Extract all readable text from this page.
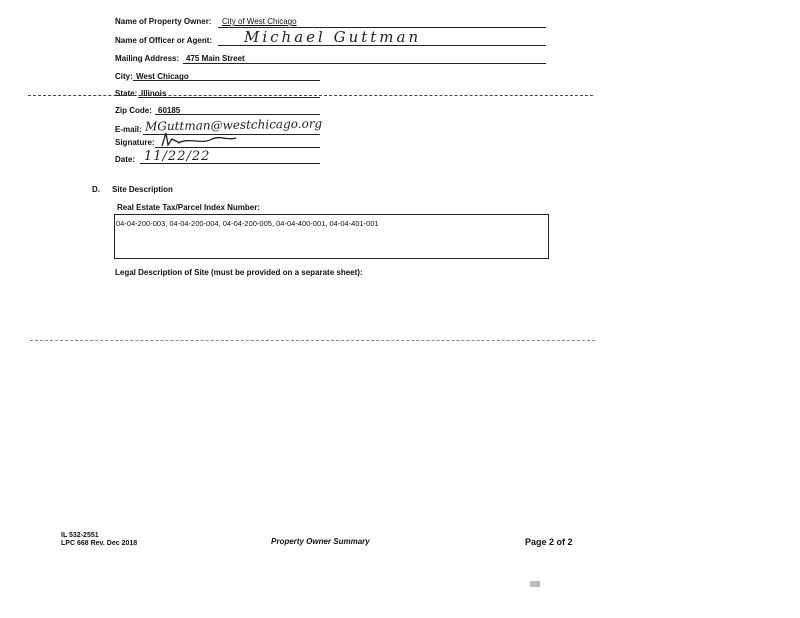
Name of Property Owner: City of West Chicago
Name of Officer or Agent: Michael Guttman
Mailing Address: 475 Main Street
City: West Chicago
State: Illinois
Zip Code: 60185
E-mail: MGuttman@westchicago.org
Signature:
Date: 11/22/22
D. Site Description
Real Estate Tax/Parcel Index Number:
04-04-200-003, 04-04-200-004, 04-04-200-005, 04-04-400-001, 04-04-401-001
Legal Description of Site (must be provided on a separate sheet):
IL 532-2551
LPC 668 Rev. Dec 2018	Property Owner Summary	Page 2 of 2
